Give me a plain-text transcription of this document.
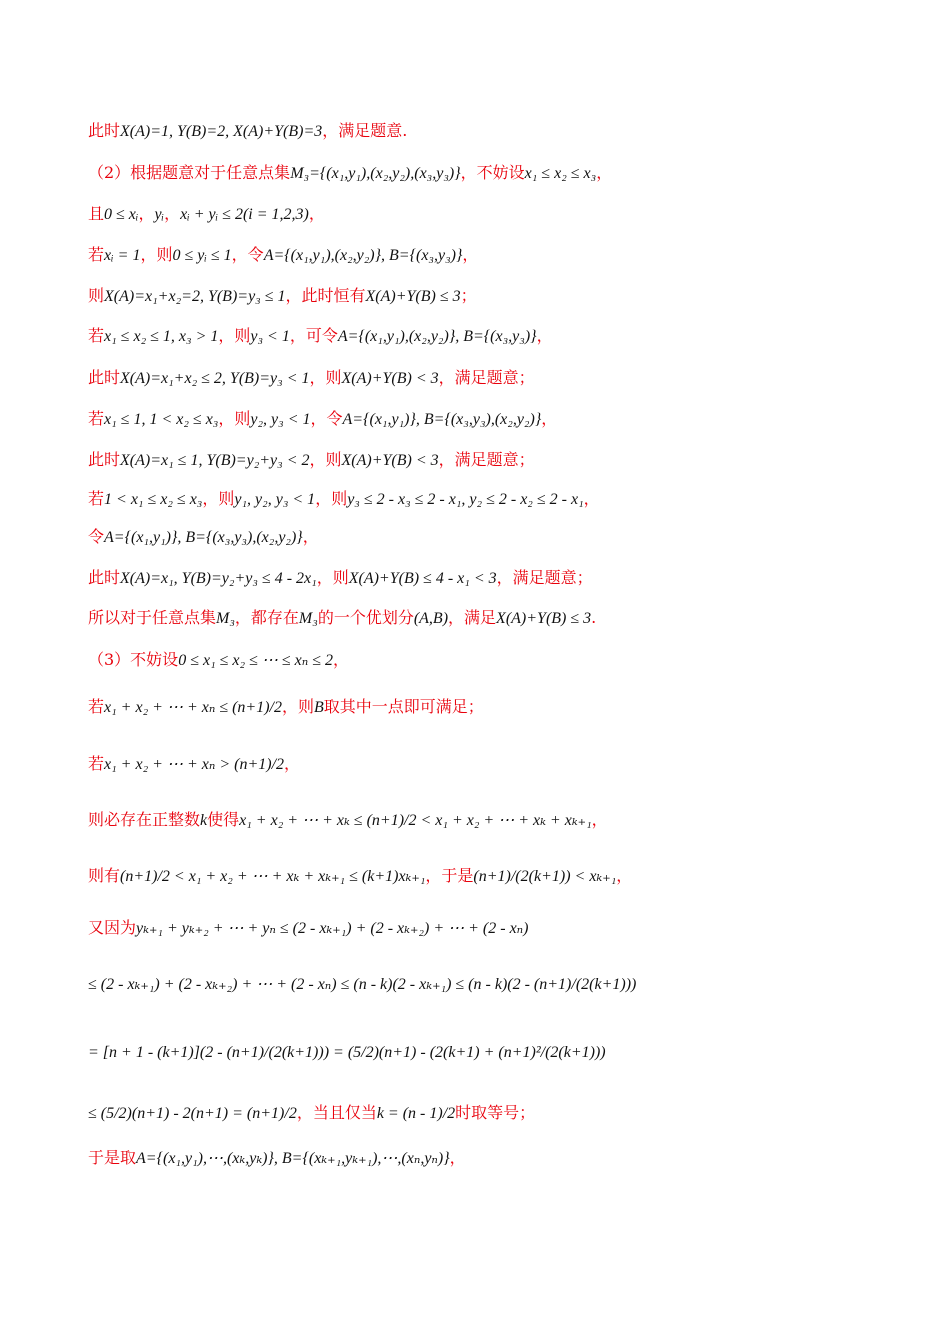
此时X(A)=1, Y(B)=2, X(A)+Y(B)=3，满足题意.
（2）根据题意对于任意点集M₃={(x₁,y₁),(x₂,y₂),(x₃,y₃)}，不妨设x₁ ≤ x₂ ≤ x₃，
且0 ≤ xᵢ，yᵢ，xᵢ + yᵢ ≤ 2(i = 1,2,3)，
若xᵢ = 1，则0 ≤ yᵢ ≤ 1，令A={(x₁,y₁),(x₂,y₂)}, B={(x₃,y₃)}，
则X(A)=x₁+x₂=2, Y(B)=y₃ ≤ 1，此时恒有X(A)+Y(B) ≤ 3；
若x₁ ≤ x₂ ≤ 1, x₃ > 1，则y₃ < 1，可令A={(x₁,y₁),(x₂,y₂)}, B={(x₃,y₃)}，
此时X(A)=x₁+x₂ ≤ 2, Y(B)=y₃ < 1，则X(A)+Y(B) < 3，满足题意；
若x₁ ≤ 1, 1 < x₂ ≤ x₃，则y₂, y₃ < 1，令A={(x₁,y₁)}, B={(x₃,y₃),(x₂,y₂)}，
此时X(A)=x₁ ≤ 1, Y(B)=y₂+y₃ < 2，则X(A)+Y(B) < 3，满足题意；
若1 < x₁ ≤ x₂ ≤ x₃，则y₁, y₂, y₃ < 1，则y₃ ≤ 2 - x₃ ≤ 2 - x₁, y₂ ≤ 2 - x₂ ≤ 2 - x₁，
令A={(x₁,y₁)}, B={(x₃,y₃),(x₂,y₂)}，
此时X(A)=x₁, Y(B)=y₂+y₃ ≤ 4 - 2x₁，则X(A)+Y(B) ≤ 4 - x₁ < 3，满足题意；
所以对于任意点集M₃，都存在M₃的一个优划分(A,B)，满足X(A)+Y(B) ≤ 3.
（3）不妨设0 ≤ x₁ ≤ x₂ ≤ ⋯ ≤ xₙ ≤ 2，
若x₁ + x₂ + ⋯ + xₙ ≤ (n+1)/2，则B取其中一点即可满足；
若x₁ + x₂ + ⋯ + xₙ > (n+1)/2，
则必存在正整数k使得x₁ + x₂ + ⋯ + xₖ ≤ (n+1)/2 < x₁ + x₂ + ⋯ + xₖ + xₖ₊₁，
则有(n+1)/2 < x₁ + x₂ + ⋯ + xₖ + xₖ₊₁ ≤ (k+1)xₖ₊₁，于是(n+1)/(2(k+1)) < xₖ₊₁，
又因为yₖ₊₁ + yₖ₊₂ + ⋯ + yₙ ≤ (2 - xₖ₊₁) + (2 - xₖ₊₂) + ⋯ + (2 - xₙ)
≤ (2 - xₖ₊₁) + (2 - xₖ₊₂) + ⋯ + (2 - xₙ) ≤ (n - k)(2 - xₖ₊₁) ≤ (n - k)(2 - (n+1)/(2(k+1)))
= [n + 1 - (k+1)](2 - (n+1)/(2(k+1))) = (5/2)(n+1) - (2(k+1) + (n+1)²/(2(k+1)))
≤ (5/2)(n+1) - 2(n+1) = (n+1)/2，当且仅当k = (n - 1)/2时取等号；
于是取A={(x₁,y₁),⋯,(xₖ,yₖ)}, B={(xₖ₊₁,yₖ₊₁),⋯,(xₙ,yₙ)}，
